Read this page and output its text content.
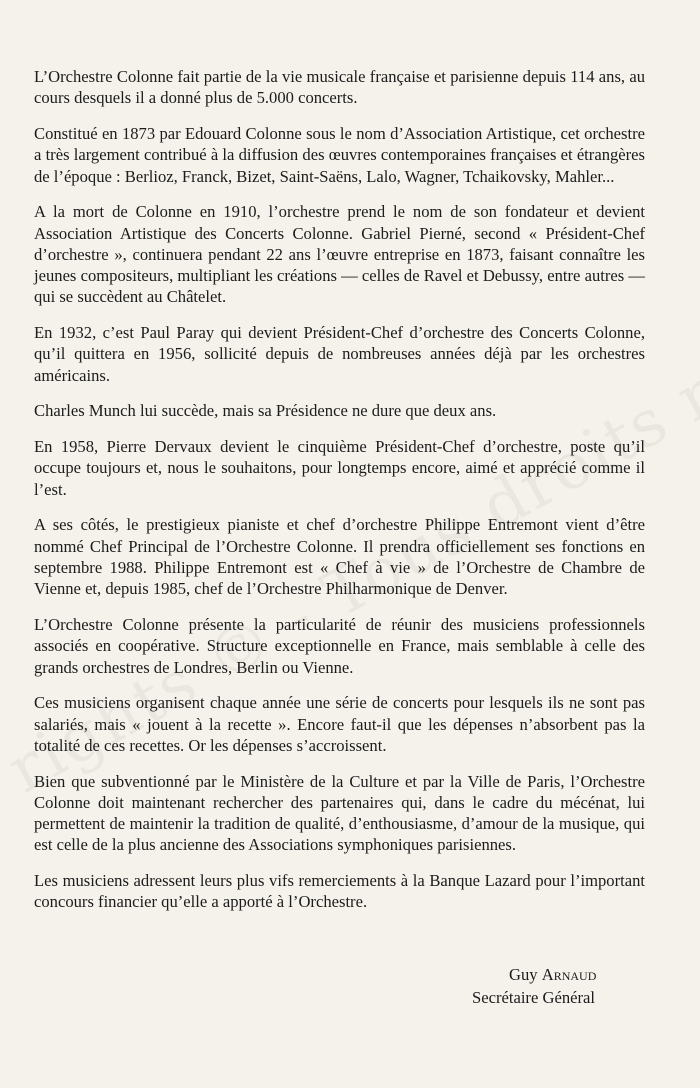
L’Orchestre Colonne fait partie de la vie musicale française et parisienne depuis 114 ans, au cours desquels il a donné plus de 5.000 concerts.

Constitué en 1873 par Edouard Colonne sous le nom d’Association Artistique, cet orchestre a très largement contribué à la diffusion des œuvres contemporaines françaises et étrangères de l’époque : Berlioz, Franck, Bizet, Saint-Saëns, Lalo, Wagner, Tchaikovsky, Mahler...

A la mort de Colonne en 1910, l’orchestre prend le nom de son fondateur et devient Association Artistique des Concerts Colonne. Gabriel Pierné, second « Président-Chef d’orchestre », continuera pendant 22 ans l’œuvre entreprise en 1873, faisant connaître les jeunes compositeurs, multipliant les créations — celles de Ravel et Debussy, entre autres — qui se succèdent au Châtelet.

En 1932, c’est Paul Paray qui devient Président-Chef d’orchestre des Concerts Colonne, qu’il quittera en 1956, sollicité depuis de nombreuses années déjà par les orchestres américains.

Charles Munch lui succède, mais sa Présidence ne dure que deux ans.

En 1958, Pierre Dervaux devient le cinquième Président-Chef d’orchestre, poste qu’il occupe toujours et, nous le souhaitons, pour longtemps encore, aimé et apprécié comme il l’est.

A ses côtés, le prestigieux pianiste et chef d’orchestre Philippe Entremont vient d’être nommé Chef Principal de l’Orchestre Colonne. Il prendra officiellement ses fonctions en septembre 1988. Philippe Entremont est « Chef à vie » de l’Orchestre de Chambre de Vienne et, depuis 1985, chef de l’Orchestre Philharmonique de Denver.

L’Orchestre Colonne présente la particularité de réunir des musiciens professionnels associés en coopérative. Structure exceptionnelle en France, mais semblable à celle des grands orchestres de Londres, Berlin ou Vienne.

Ces musiciens organisent chaque année une série de concerts pour lesquels ils ne sont pas salariés, mais « jouent à la recette ». Encore faut-il que les dépenses n’absorbent pas la totalité de ces recettes. Or les dépenses s’accroissent.

Bien que subventionné par le Ministère de la Culture et par la Ville de Paris, l’Orchestre Colonne doit maintenant rechercher des partenaires qui, dans le cadre du mécénat, lui permettent de maintenir la tradition de qualité, d’enthousiasme, d’amour de la musique, qui est celle de la plus ancienne des Associations symphoniques parisiennes.

Les musiciens adressent leurs plus vifs remerciements à la Banque Lazard pour l’important concours financier qu’elle a apporté à l’Orchestre.

Guy Arnaud
Secrétaire Général
